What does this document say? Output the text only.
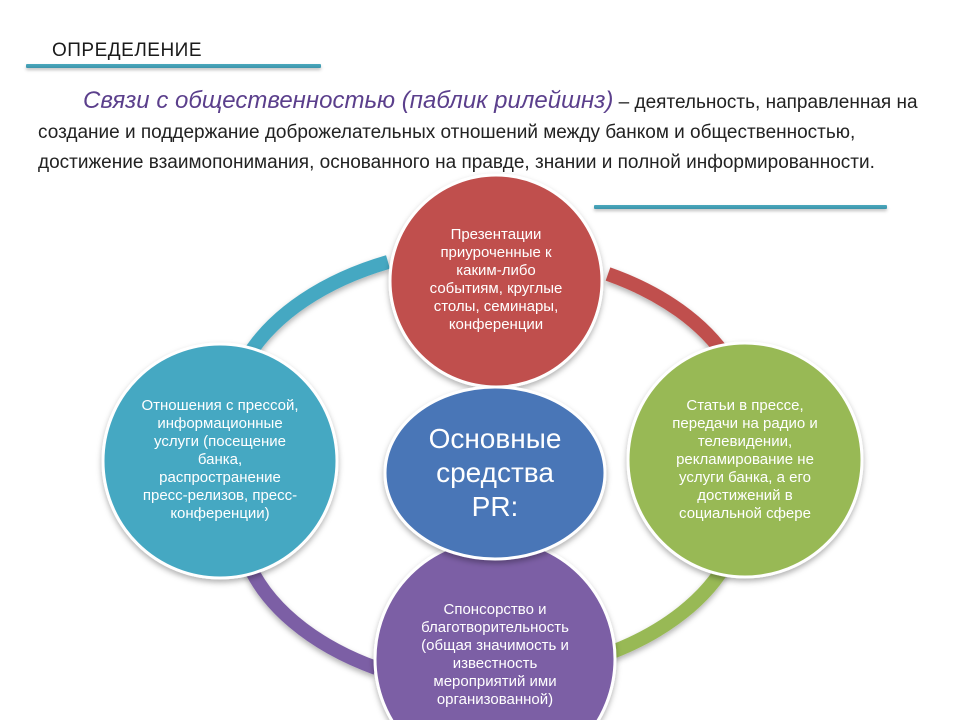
ОПРЕДЕЛЕНИЕ
Связи с общественностью (паблик рилейшнз) – деятельность, направленная на создание и поддержание доброжелательных отношений между банком и общественностью, достижение взаимопонимания, основанного на правде, знании и полной информированности.
Презентации приуроченные к каким-либо событиям, круглые столы, семинары, конференции
Статьи в прессе, передачи на радио и телевидении, рекламирование не услуги банка, а его достижений в социальной сфере
Спонсорство и благотворительность (общая значимость и известность мероприятий ими организованной)
Отношения с прессой, информационные услуги (посещение банка, распространение пресс-релизов, пресс-конференции)
Основные средства PR:
